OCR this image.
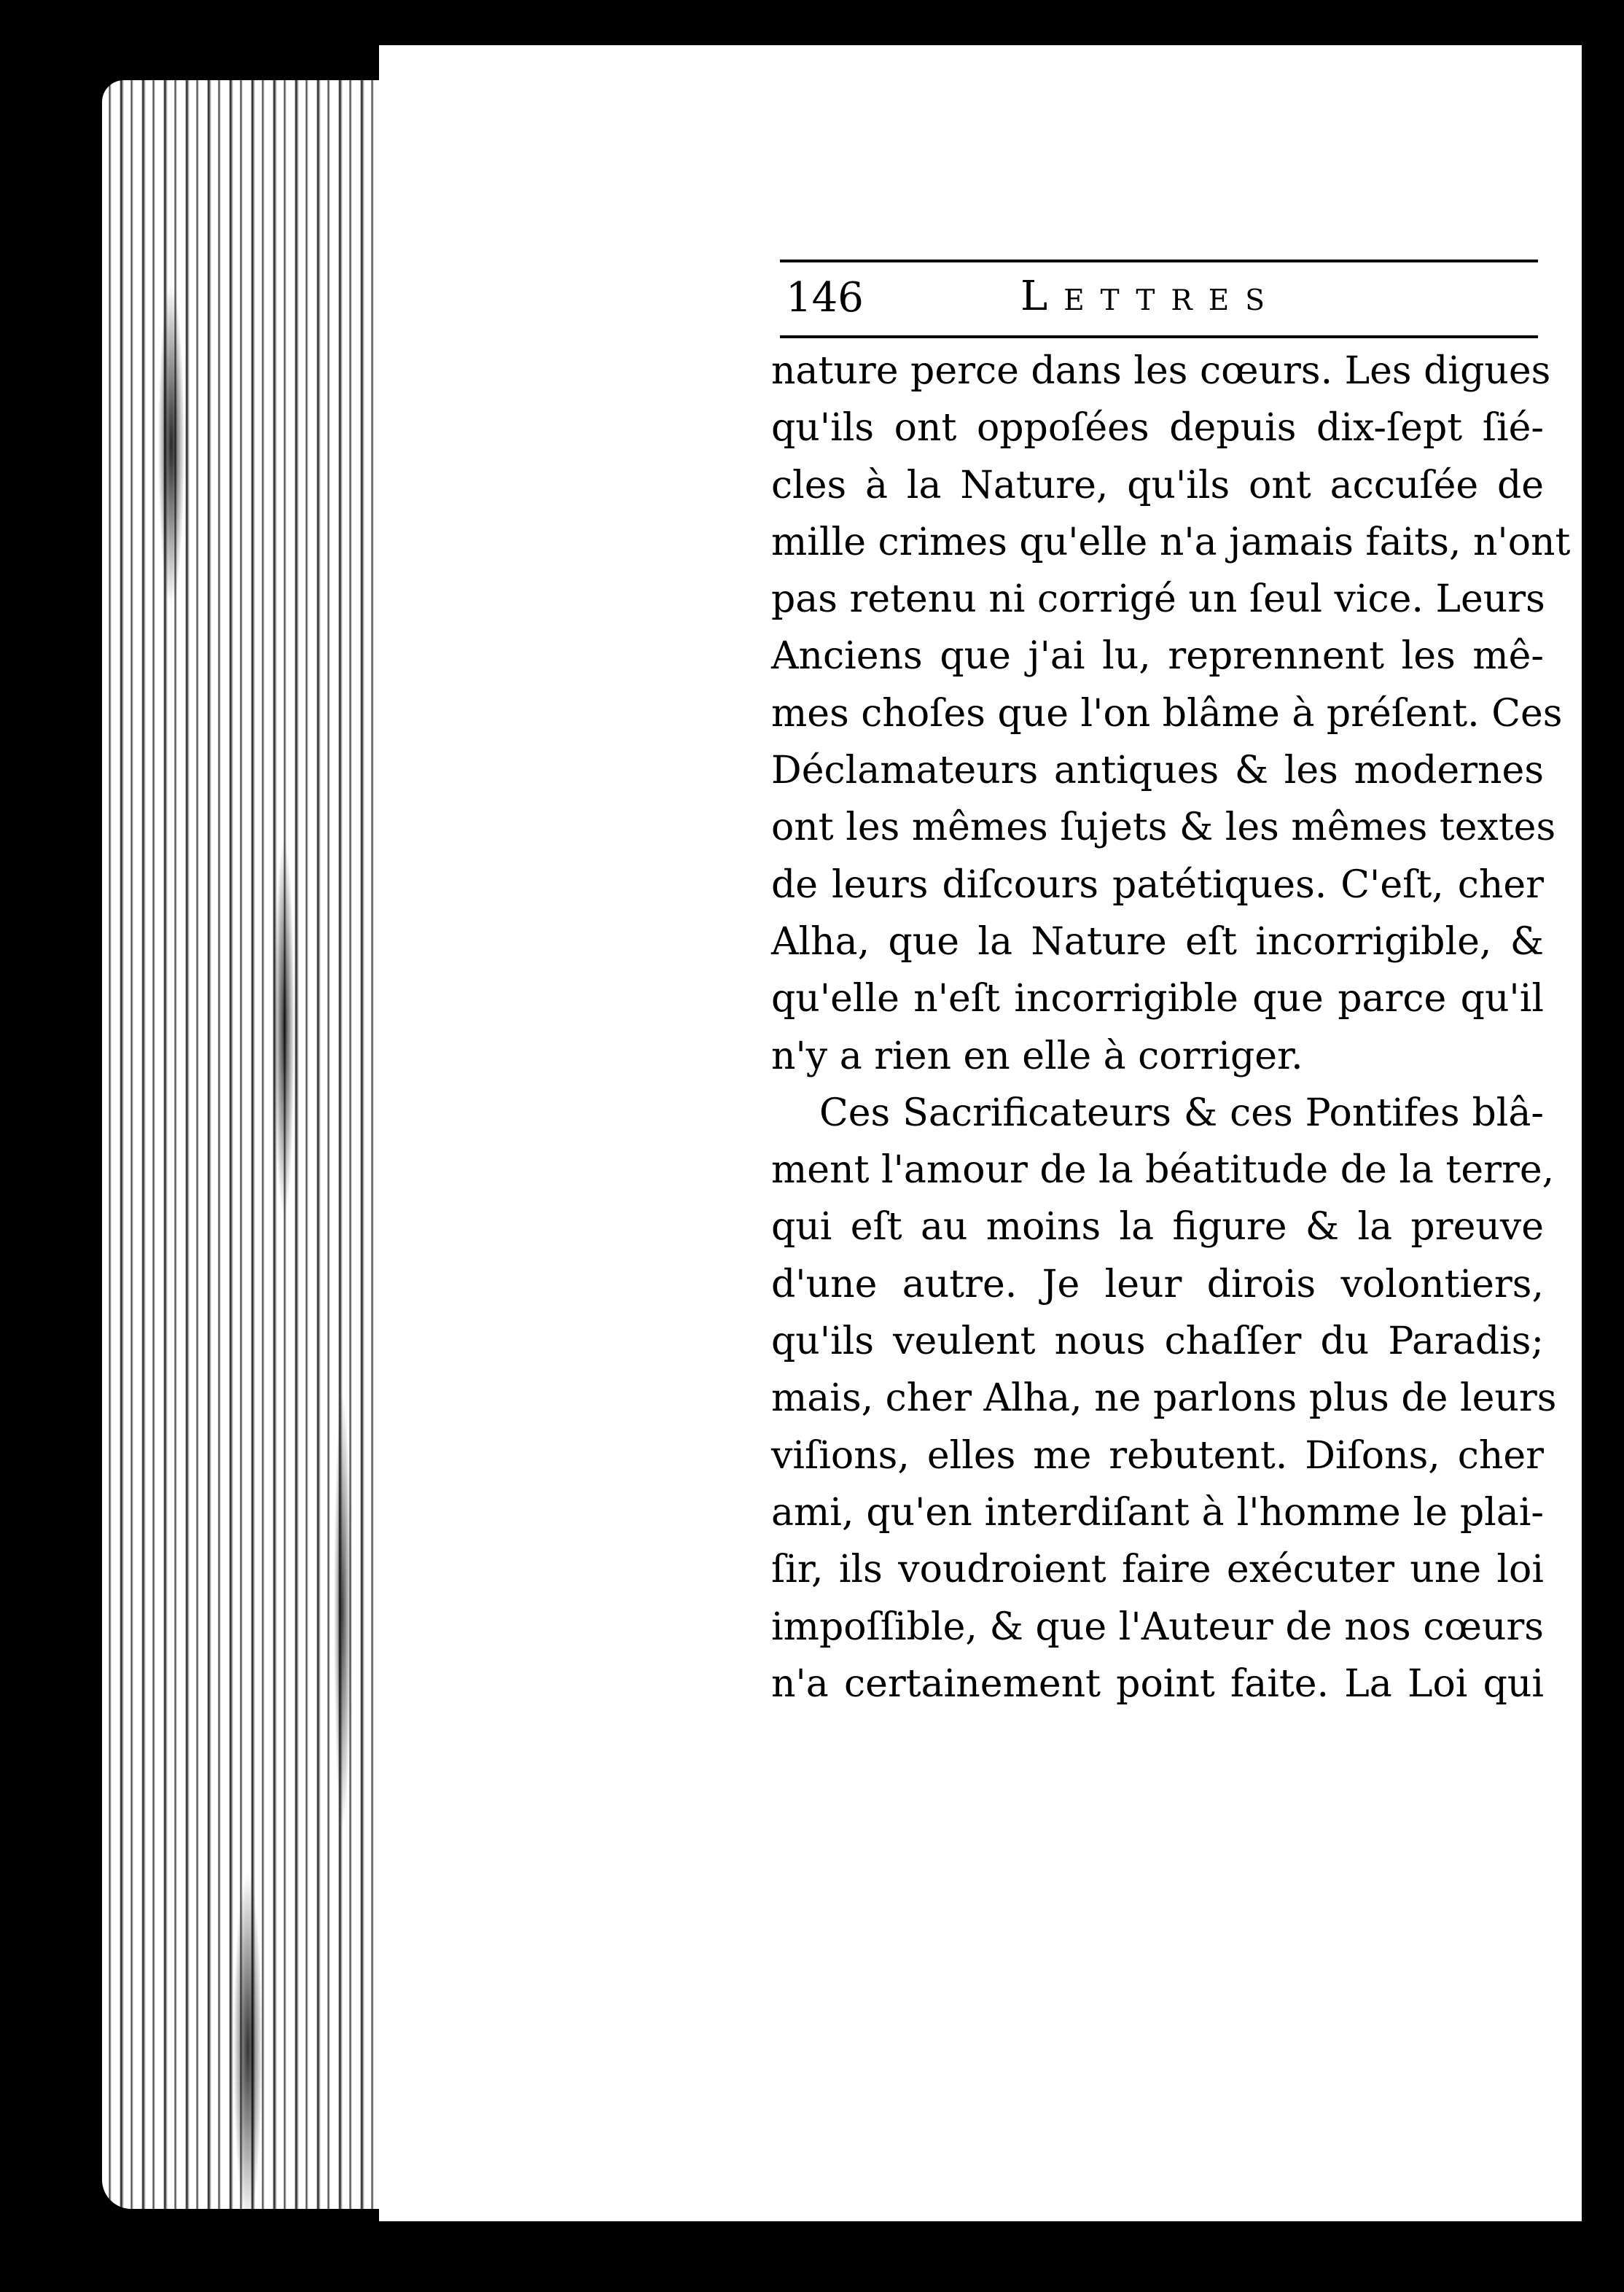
146	Lettres
nature perce dans les cœurs. Les digues
qu'ils ont oppoſées depuis dix-ſept ſié-
cles à la Nature, qu'ils ont accuſée de
mille crimes qu'elle n'a jamais faits, n'ont
pas retenu ni corrigé un ſeul vice. Leurs
Anciens que j'ai lu, reprennent les mê-
mes choſes que l'on blâme à préſent. Ces
Déclamateurs antiques & les modernes
ont les mêmes ſujets & les mêmes textes
de leurs diſcours patétiques. C'eſt, cher
Alha, que la Nature eſt incorrigible, &
qu'elle n'eſt incorrigible que parce qu'il
n'y a rien en elle à corriger.
Ces Sacrificateurs & ces Pontifes blâ-
ment l'amour de la béatitude de la terre,
qui eſt au moins la figure & la preuve
d'une autre. Je leur dirois volontiers,
qu'ils veulent nous chaſſer du Paradis;
mais, cher Alha, ne parlons plus de leurs
viſions, elles me rebutent. Diſons, cher
ami, qu'en interdiſant à l'homme le plai-
ſir, ils voudroient faire exécuter une loi
impoſſible, & que l'Auteur de nos cœurs
n'a certainement point faite. La Loi qui
